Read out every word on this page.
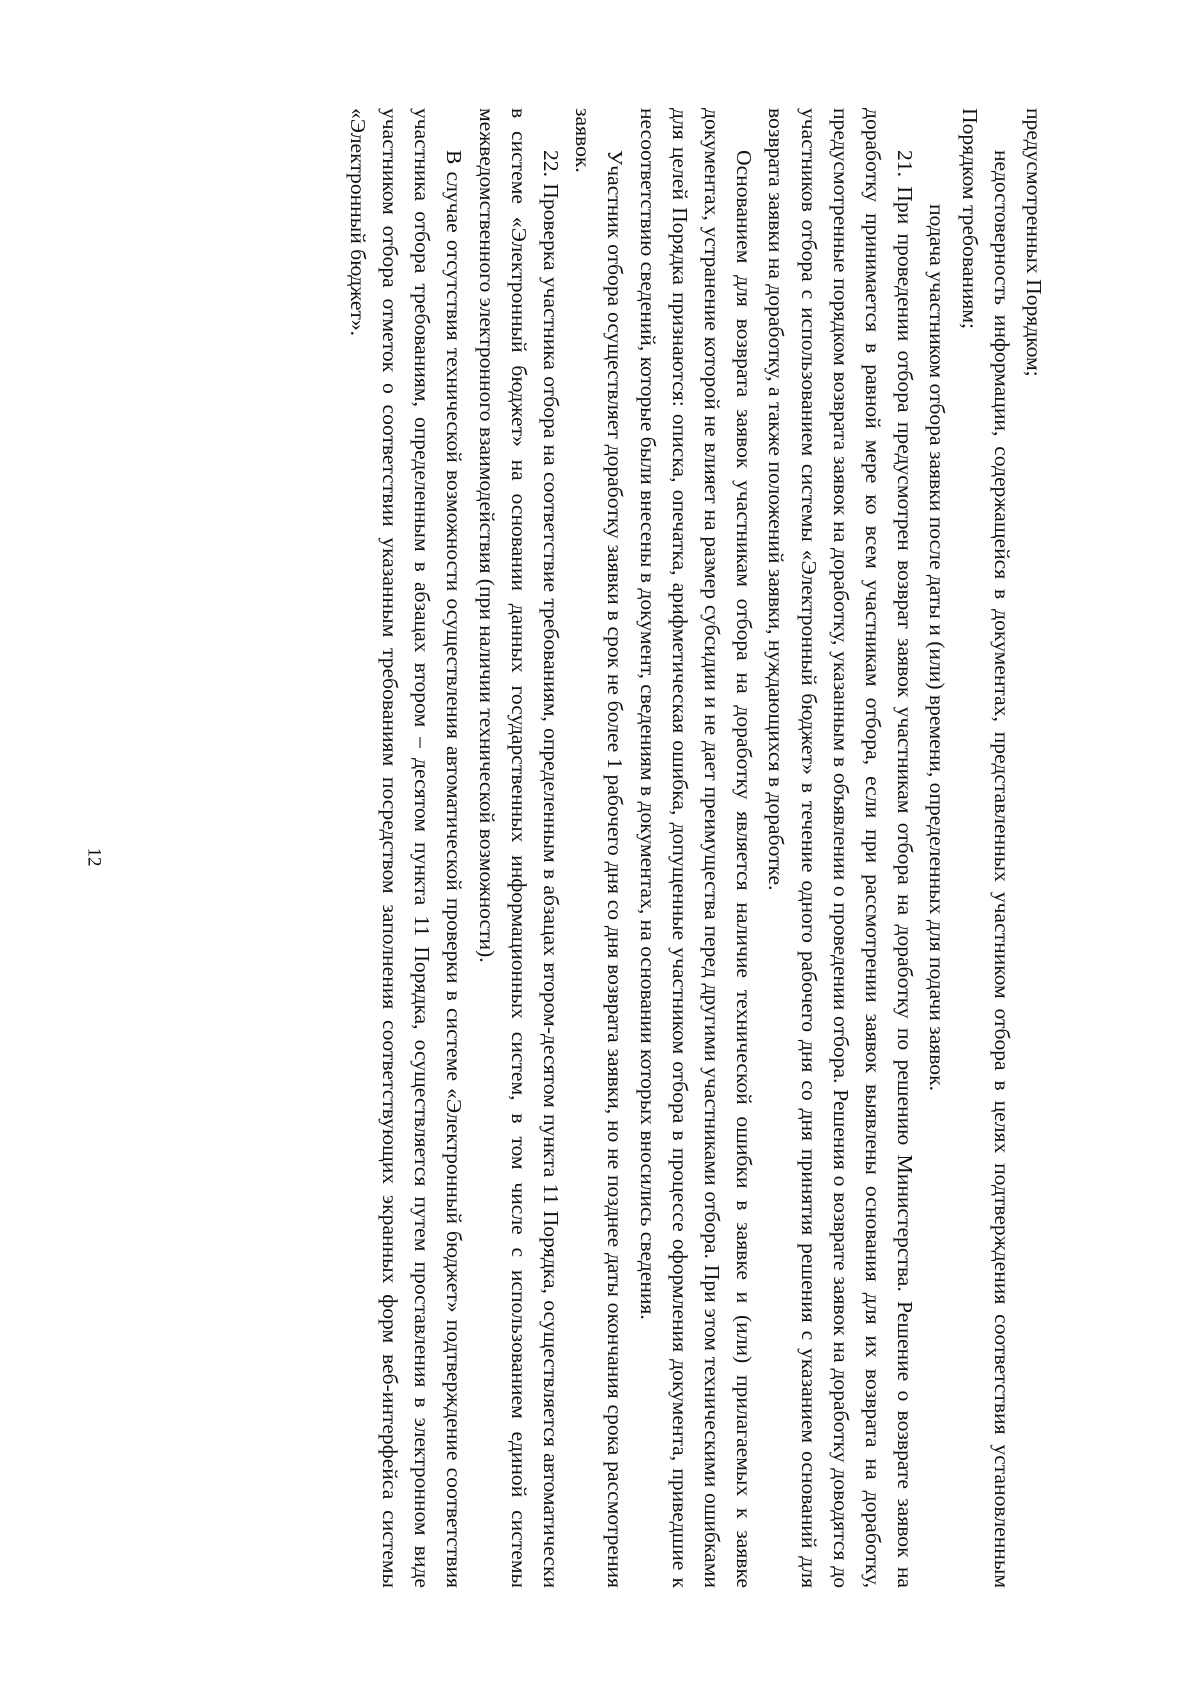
12

предусмотренных Порядком;

недостоверность информации, содержащейся в документах, представленных участником отбора в целях подтверждения соответствия установленным Порядком требованиям;

подача участником отбора заявки после даты и (или) времени, определенных для подачи заявок.

21. При проведении отбора предусмотрен возврат заявок участникам отбора на доработку по решению Министерства. Решение о возврате заявок на доработку принимается в равной мере ко всем участникам отбора, если при рассмотрении заявок выявлены основания для их возврата на доработку, предусмотренные порядком возврата заявок на доработку, указанным в объявлении о проведении отбора. Решения о возврате заявок на доработку доводятся до участников отбора с использованием системы «Электронный бюджет» в течение одного рабочего дня со дня принятия решения с указанием оснований для возврата заявки на доработку, а также положений заявки, нуждающихся в доработке.

Основанием для возврата заявок участникам отбора на доработку является наличие технической ошибки в заявке и (или) прилагаемых к заявке документах, устранение которой не влияет на размер субсидии и не дает преимущества перед другими участниками отбора. При этом техническими ошибками для целей Порядка признаются: описка, опечатка, арифметическая ошибка, допущенные участником отбора в процессе оформления документа, приведшие к несоответствию сведений, которые были внесены в документ, сведениям в документах, на основании которых вносились сведения.

Участник отбора осуществляет доработку заявки в срок не более 1 рабочего дня со дня возврата заявки, но не позднее даты окончания срока рассмотрения заявок.

22. Проверка участника отбора на соответствие требованиям, определенным в абзацах втором-десятом пункта 11 Порядка, осуществляется автоматически в системе «Электронный бюджет» на основании данных государственных информационных систем, в том числе с использованием единой системы межведомственного электронного взаимодействия (при наличии технической возможности).

В случае отсутствия технической возможности осуществления автоматической проверки в системе «Электронный бюджет» подтверждение соответствия участника отбора требованиям, определенным в абзацах втором – десятом пункта 11 Порядка, осуществляется путем проставления в электронном виде участником отбора отметок о соответствии указанным требованиям посредством заполнения соответствующих экранных форм веб-интерфейса системы «Электронный бюджет».
